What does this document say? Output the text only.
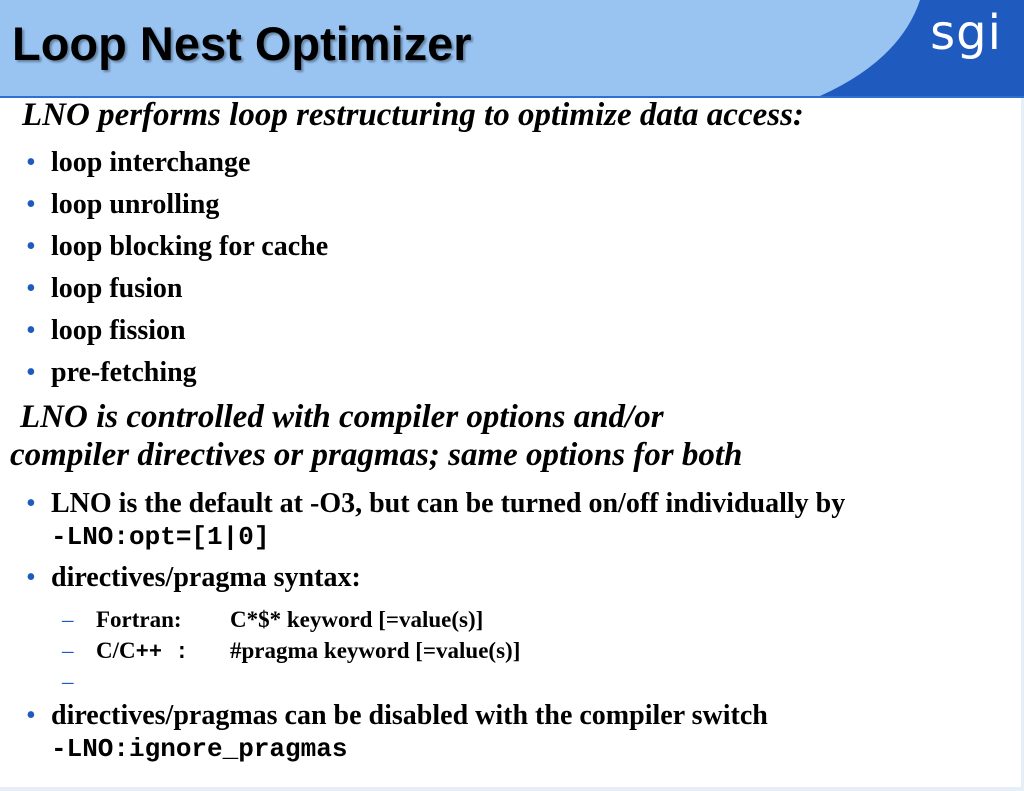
Loop Nest Optimizer	sgi
LNO performs loop restructuring to optimize data access:
• loop interchange
• loop unrolling
• loop blocking for cache
• loop fusion
• loop fission
• pre-fetching
LNO is controlled with compiler options and/or
compiler directives or pragmas; same options for both
• LNO is the default at -O3, but can be turned on/off individually by
-LNO:opt=[1|0]
• directives/pragma syntax:
– Fortran: C*$* keyword [=value(s)]
– C/C++ : #pragma keyword [=value(s)]
–
• directives/pragmas can be disabled with the compiler switch
-LNO:ignore_pragmas
